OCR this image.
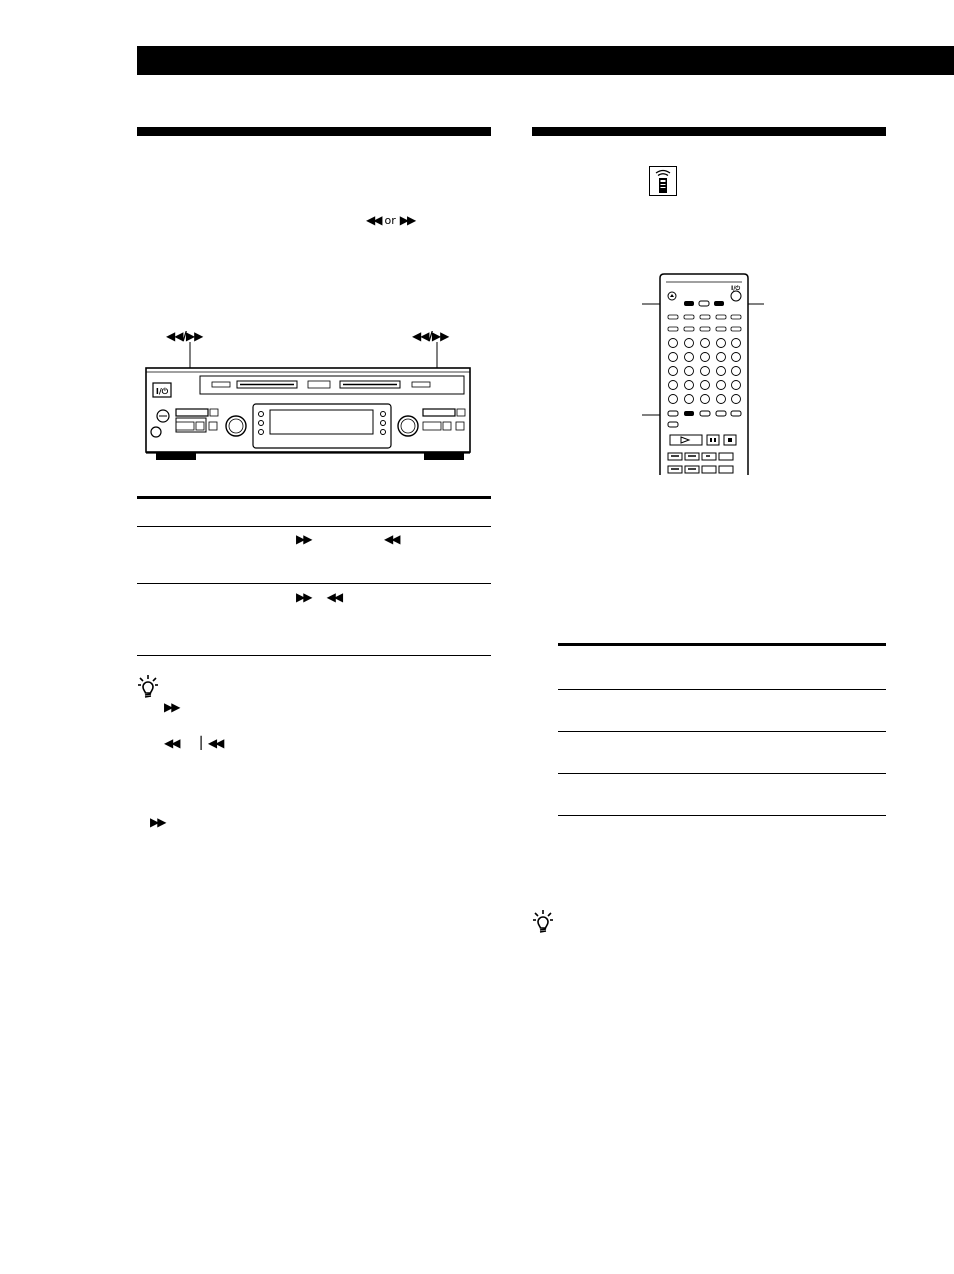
◀◀ or ▶▶
◀◀/▶▶	◀◀/▶▶
I/⏻
▶▶	◀◀
▶▶ ◀◀
▶▶
◀◀ ▏◀◀
▶▶
I/⏻
